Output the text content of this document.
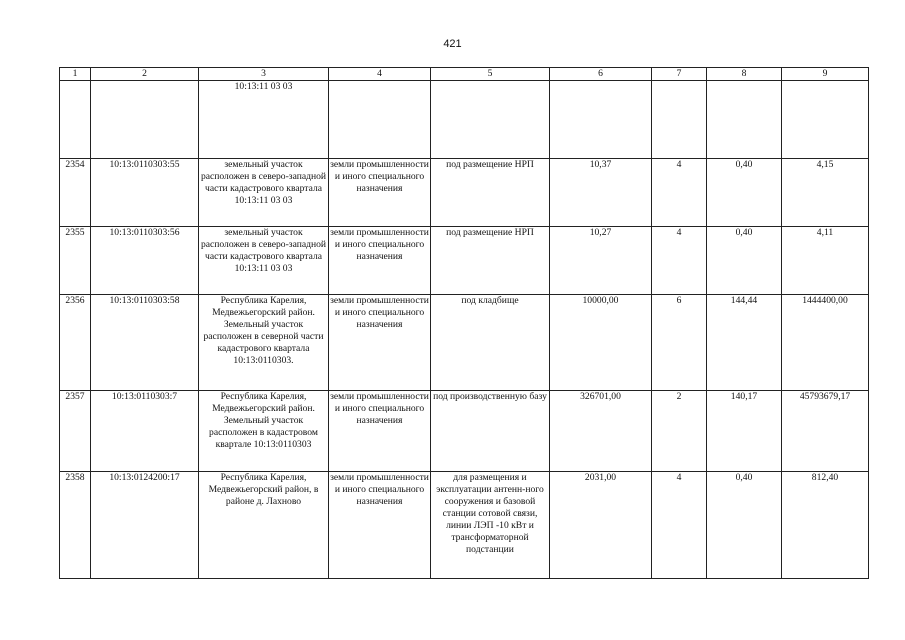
421
1	2	3	4	5	6	7	8	9
		10:13:11 03 03						
2354	10:13:0110303:55	земельный участок расположен в северо-западной части кадастрового квартала 10:13:11 03 03	земли промышленности и иного специального назначения	под размещение НРП	10,37	4	0,40	4,15
2355	10:13:0110303:56	земельный участок расположен в северо-западной части кадастрового квартала 10:13:11 03 03	земли промышленности и иного специального назначения	под размещение НРП	10,27	4	0,40	4,11
2356	10:13:0110303:58	Республика Карелия, Медвежьегорский район. Земельный участок расположен в северной части кадастрового квартала 10:13:0110303.	земли промышленности и иного специального назначения	под кладбище	10000,00	6	144,44	1444400,00
2357	10:13:0110303:7	Республика Карелия, Медвежьегорский район. Земельный участок расположен в кадастровом квартале 10:13:0110303	земли промышленности и иного специального назначения	под производственную базу	326701,00	2	140,17	45793679,17
2358	10:13:0124200:17	Республика Карелия, Медвежьегорский район, в районе д. Лахново	земли промышленности и иного специального назначения	для размещения и эксплуатации антенн-ного сооружения и базовой станции сотовой связи, линии ЛЭП -10 кВт и трансформаторной подстанции	2031,00	4	0,40	812,40
